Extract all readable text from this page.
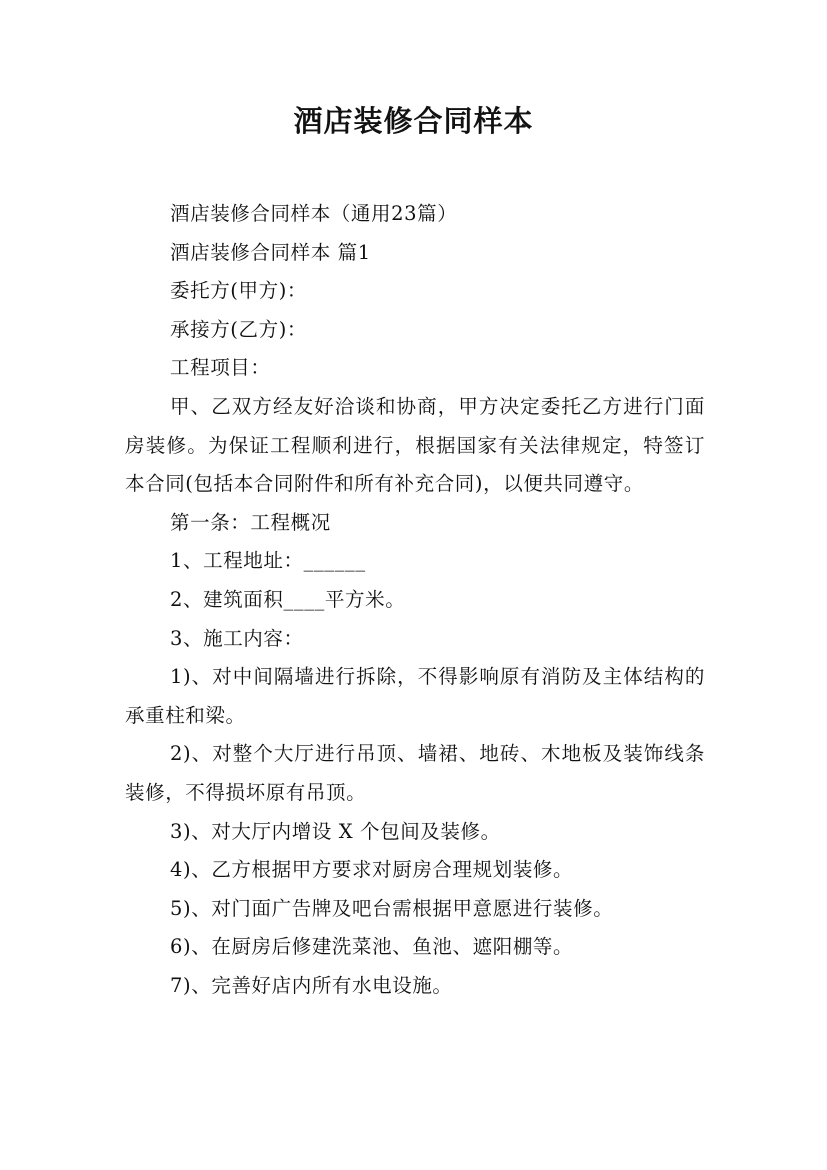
酒店装修合同样本

酒店装修合同样本（通用23篇）

酒店装修合同样本 篇1

委托方(甲方)：

承接方(乙方)：

工程项目：

甲、乙双方经友好洽谈和协商，甲方决定委托乙方进行门面房装修。为保证工程顺利进行，根据国家有关法律规定，特签订本合同(包括本合同附件和所有补充合同)，以便共同遵守。

第一条：工程概况

1、工程地址：______

2、建筑面积____平方米。

3、施工内容：

1)、对中间隔墙进行拆除，不得影响原有消防及主体结构的承重柱和梁。

2)、对整个大厅进行吊顶、墙裙、地砖、木地板及装饰线条装修，不得损坏原有吊顶。

3)、对大厅内增设 X 个包间及装修。

4)、乙方根据甲方要求对厨房合理规划装修。

5)、对门面广告牌及吧台需根据甲意愿进行装修。

6)、在厨房后修建洗菜池、鱼池、遮阳棚等。

7)、完善好店内所有水电设施。
